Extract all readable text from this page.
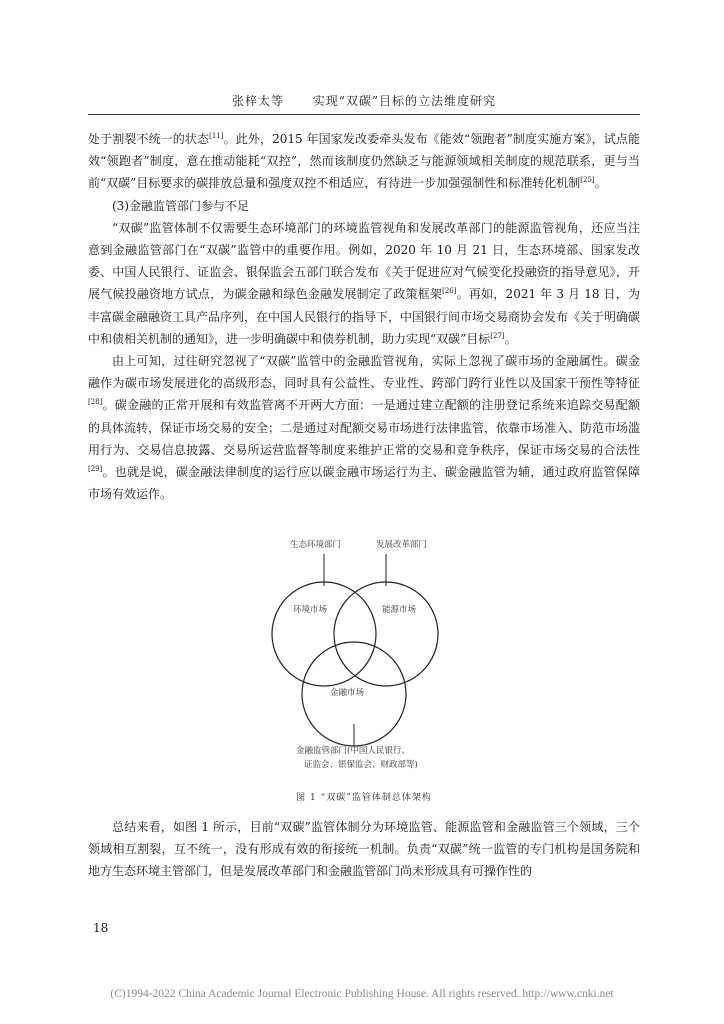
张梓太等 实现“双碳”目标的立法维度研究

处于割裂不统一的状态[11]。此外，2015 年国家发改委牵头发布《能效“领跑者”制度实施方案》，试点能效“领跑者”制度，意在推动能耗“双控”，然而该制度仍然缺乏与能源领域相关制度的规范联系，更与当前“双碳”目标要求的碳排放总量和强度双控不相适应，有待进一步加强强制性和标准转化机制[25]。

(3)金融监管部门参与不足

“双碳”监管体制不仅需要生态环境部门的环境监管视角和发展改革部门的能源监管视角，还应当注意到金融监管部门在“双碳”监管中的重要作用。例如，2020 年 10 月 21 日，生态环境部、国家发改委、中国人民银行、证监会、银保监会五部门联合发布《关于促进应对气候变化投融资的指导意见》，开展气候投融资地方试点，为碳金融和绿色金融发展制定了政策框架[26]。再如，2021 年 3 月 18 日，为丰富碳金融融资工具产品序列，在中国人民银行的指导下，中国银行间市场交易商协会发布《关于明确碳中和债相关机制的通知》，进一步明确碳中和债券机制，助力实现“双碳”目标[27]。

由上可知，过往研究忽视了“双碳”监管中的金融监管视角，实际上忽视了碳市场的金融属性。碳金融作为碳市场发展进化的高级形态，同时具有公益性、专业性、跨部门跨行业性以及国家干预性等特征[28]。碳金融的正常开展和有效监管离不开两大方面：一是通过建立配额的注册登记系统来追踪交易配额的具体流转，保证市场交易的安全；二是通过对配额交易市场进行法律监管，依靠市场准入、防范市场滥用行为、交易信息披露、交易所运营监督等制度来维护正常的交易和竞争秩序，保证市场交易的合法性[29]。也就是说，碳金融法律制度的运行应以碳金融市场运行为主、碳金融监管为辅，通过政府监管保障市场有效运作。

生态环境部门	发展改革部门
环境市场	能源市场
金融市场
金融监管部门(中国人民银行、
证监会、银保监会、财政部等)
图 1 “双碳”监管体制总体架构

总结来看，如图 1 所示，目前“双碳”监管体制分为环境监管、能源监管和金融监管三个领域，三个领域相互割裂，互不统一，没有形成有效的衔接统一机制。负责“双碳”统一监管的专门机构是国务院和地方生态环境主管部门，但是发展改革部门和金融监管部门尚未形成具有可操作性的

18
(C)1994-2022 China Academic Journal Electronic Publishing House. All rights reserved. http://www.cnki.net
